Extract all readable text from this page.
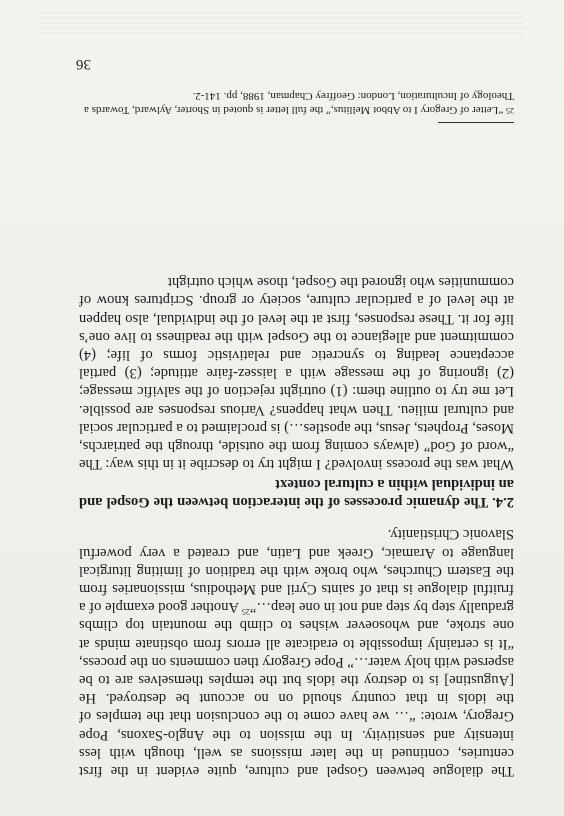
The dialogue between Gospel and culture, quite evident in the first centuries, continued in the later missions as well, though with less intensity and sensitivity. In the mission to the Anglo-Saxons, Pope Gregory, wrote: “… we have come to the conclusion that the temples of the idols in that country should on no account be destroyed. He [Augustine] is to destroy the idols but the temples themselves are to be aspersed with holy water…” Pope Gregory then comments on the process, “It is certainly impossible to eradicate all errors from obstinate minds at one stroke, and whosoever wishes to climb the mountain top climbs gradually step by step and not in one leap…”$^{25}$ Another good example of a fruitful dialogue is that of saints Cyril and Methodius, missionaries from the Eastern Churches, who broke with the tradition of limiting liturgical language to Aramaic, Greek and Latin, and created a very powerful Slavonic Christianity.

2.4. The dynamic processes of the interaction between the Gospel and an individual within a cultural context

What was the process involved? I might try to describe it in this way: The “word of God” (always coming from the outside, through the patriarchs, Moses, Prophets, Jesus, the apostles…) is proclaimed to a particular social and cultural milieu. Then what happens? Various responses are possible. Let me try to outline them: (1) outright rejection of the salvific message; (2) ignoring of the message with a laissez-faire attitude; (3) partial acceptance leading to syncretic and relativistic forms of life; (4) commitment and allegiance to the Gospel with the readiness to live one’s life for it. These responses, first at the level of the individual, also happen at the level of a particular culture, society or group. Scriptures know of communities who ignored the Gospel, those which outright

$^{25}$ “Letter of Gregory I to Abbot Mellitus,” the full letter is quoted in Shorter, Aylward, Towards a Theology of Inculturation, London: Geoffrey Chapman, 1988, pp. 141-2.
36
